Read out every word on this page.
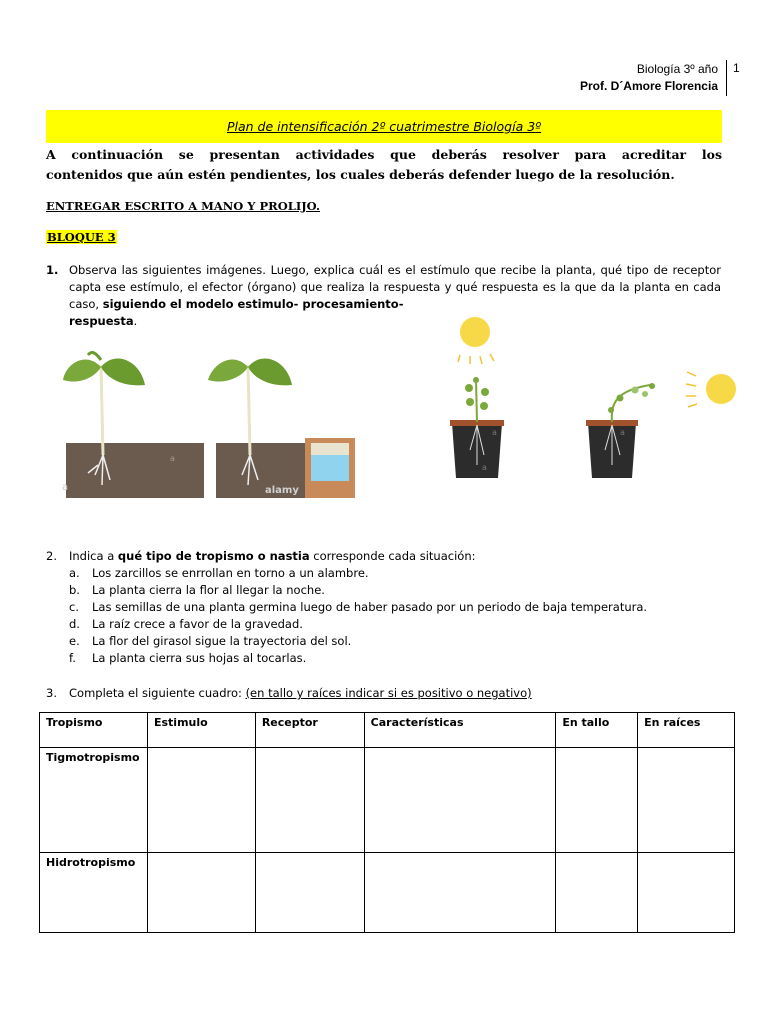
Biología 3º año
Prof. D´Amore Florencia
1
Plan de intensificación 2º cuatrimestre Biología 3º
A continuación se presentan actividades que deberás resolver para acreditar los
contenidos que aún estén pendientes, los cuales deberás defender luego de la resolución.
ENTREGAR ESCRITO A MANO Y PROLIJO.
BLOQUE 3
1. Observa las siguientes imágenes. Luego, explica cuál es el estímulo que recibe la planta, qué tipo de receptor capta ese estímulo, el efector (órgano) que realiza la respuesta y qué respuesta es la que da la planta en cada caso, siguiendo el modelo estimulo- procesamiento-
respuesta.
a	alamy
a
a	a
a
2. Indica a qué tipo de tropismo o nastia corresponde cada situación:
a.	Los zarcillos se enrrollan en torno a un alambre.
b.	La planta cierra la flor al llegar la noche.
c.	Las semillas de una planta germina luego de haber pasado por un periodo de baja temperatura.
d.	La raíz crece a favor de la gravedad.
e.	La flor del girasol sigue la trayectoria del sol.
f.	La planta cierra sus hojas al tocarlas.
3. Completa el siguiente cuadro: (en tallo y raíces indicar si es positivo o negativo)
Tropismo	Estimulo	Receptor	Características	En tallo	En raíces
Tigmotropismo					
Hidrotropismo					
